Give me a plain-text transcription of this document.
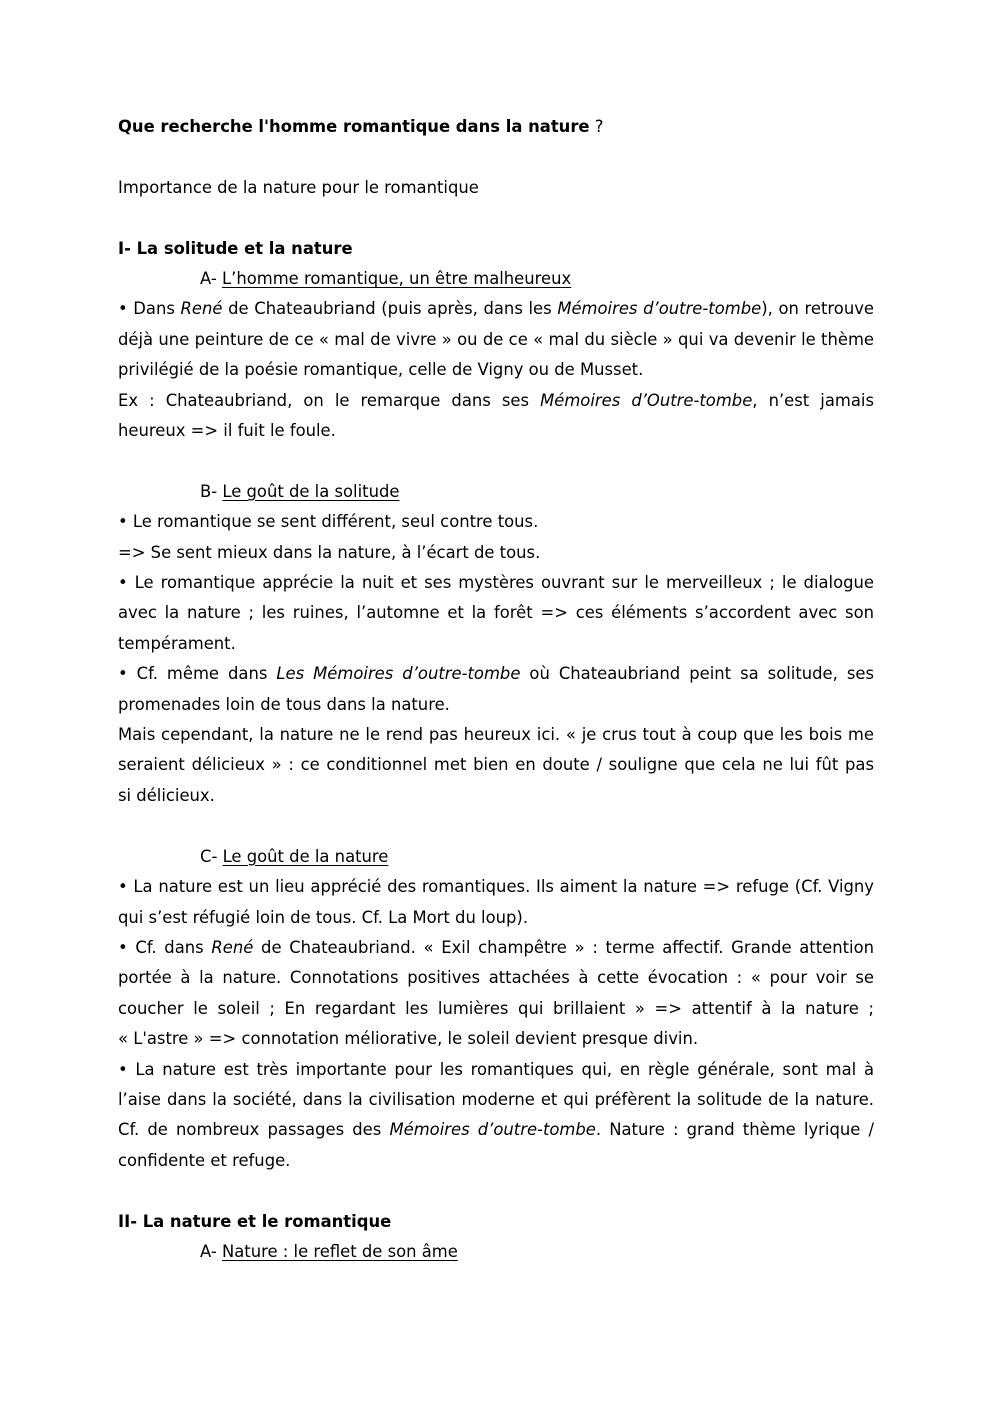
Que recherche l'homme romantique dans la nature ?

Importance de la nature pour le romantique

I- La solitude et la nature

A- L’homme romantique, un être malheureux

• Dans René de Chateaubriand (puis après, dans les Mémoires d’outre-tombe), on retrouve

déjà une peinture de ce « mal de vivre » ou de ce « mal du siècle » qui va devenir le thème

privilégié de la poésie romantique, celle de Vigny ou de Musset.

Ex : Chateaubriand, on le remarque dans ses Mémoires d’Outre-tombe, n’est jamais

heureux => il fuit le foule.

B- Le goût de la solitude

• Le romantique se sent différent, seul contre tous.

=> Se sent mieux dans la nature, à l’écart de tous.

• Le romantique apprécie la nuit et ses mystères ouvrant sur le merveilleux ; le dialogue

avec la nature ; les ruines, l’automne et la forêt => ces éléments s’accordent avec son

tempérament.

• Cf. même dans Les Mémoires d’outre-tombe où Chateaubriand peint sa solitude, ses

promenades loin de tous dans la nature.

Mais cependant, la nature ne le rend pas heureux ici. « je crus tout à coup que les bois me

seraient délicieux » : ce conditionnel met bien en doute / souligne que cela ne lui fût pas

si délicieux.

C- Le goût de la nature

• La nature est un lieu apprécié des romantiques. Ils aiment la nature => refuge (Cf. Vigny

qui s’est réfugié loin de tous. Cf. La Mort du loup).

• Cf. dans René de Chateaubriand. « Exil champêtre » : terme affectif. Grande attention

portée à la nature. Connotations positives attachées à cette évocation : « pour voir se

coucher le soleil ; En regardant les lumières qui brillaient » => attentif à la nature ;

« L'astre » => connotation méliorative, le soleil devient presque divin.

• La nature est très importante pour les romantiques qui, en règle générale, sont mal à

l’aise dans la société, dans la civilisation moderne et qui préfèrent la solitude de la nature.

Cf. de nombreux passages des Mémoires d’outre-tombe. Nature : grand thème lyrique /

confidente et refuge.

II- La nature et le romantique

A- Nature : le reflet de son âme
